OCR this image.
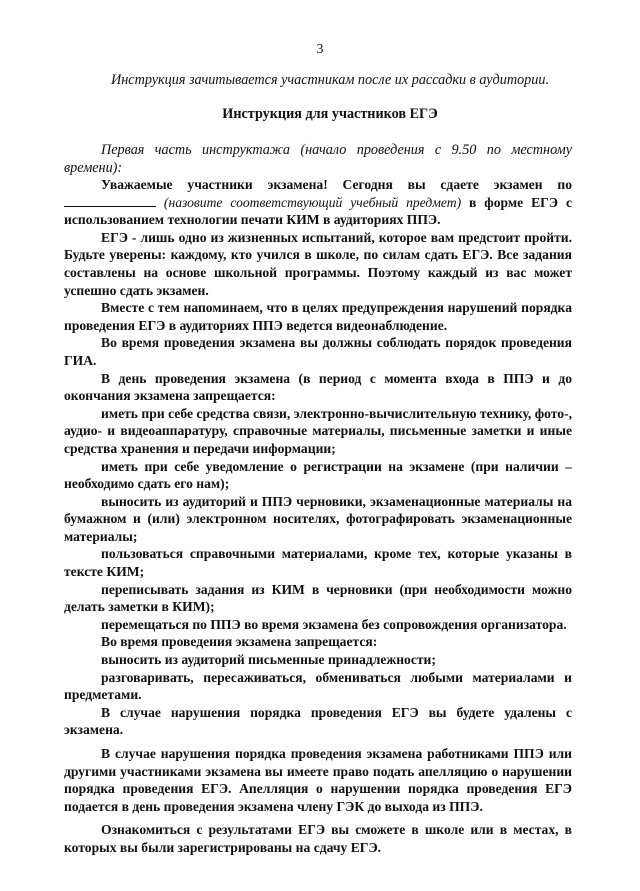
3
Инструкция зачитывается участникам после их рассадки в аудитории.
Инструкция для участников ЕГЭ
Первая часть инструктажа (начало проведения с 9.50 по местному времени):

Уважаемые участники экзамена! Сегодня вы сдаете экзамен по  (назовите соответствующий учебный предмет) в форме ЕГЭ с использованием технологии печати КИМ в аудиториях ППЭ.

ЕГЭ - лишь одно из жизненных испытаний, которое вам предстоит пройти. Будьте уверены: каждому, кто учился в школе, по силам сдать ЕГЭ. Все задания составлены на основе школьной программы. Поэтому каждый из вас может успешно сдать экзамен.

Вместе с тем напоминаем, что в целях предупреждения нарушений порядка проведения ЕГЭ в аудиториях ППЭ ведется видеонаблюдение.

Во время проведения экзамена вы должны соблюдать порядок проведения ГИА.

В день проведения экзамена (в период с момента входа в ППЭ и до окончания экзамена запрещается:

иметь при себе средства связи, электронно-вычислительную технику, фото-, аудио- и видеоаппаратуру, справочные материалы, письменные заметки и иные средства хранения и передачи информации;

иметь при себе уведомление о регистрации на экзамене (при наличии – необходимо сдать его нам);

выносить из аудиторий и ППЭ черновики, экзаменационные материалы на бумажном и (или) электронном носителях, фотографировать экзаменационные материалы;

пользоваться справочными материалами, кроме тех, которые указаны в тексте КИМ;

переписывать задания из КИМ в черновики (при необходимости можно делать заметки в КИМ);

перемещаться по ППЭ во время экзамена без сопровождения организатора.

Во время проведения экзамена запрещается:

выносить из аудиторий письменные принадлежности;

разговаривать, пересаживаться, обмениваться любыми материалами и предметами.

В случае нарушения порядка проведения ЕГЭ вы будете удалены с экзамена.

В случае нарушения порядка проведения экзамена работниками ППЭ или другими участниками экзамена вы имеете право подать апелляцию о нарушении порядка проведения ЕГЭ. Апелляция о нарушении порядка проведения ЕГЭ подается в день проведения экзамена члену ГЭК до выхода из ППЭ.

Ознакомиться с результатами ЕГЭ вы сможете в школе или в местах, в которых вы были зарегистрированы на сдачу ЕГЭ.
